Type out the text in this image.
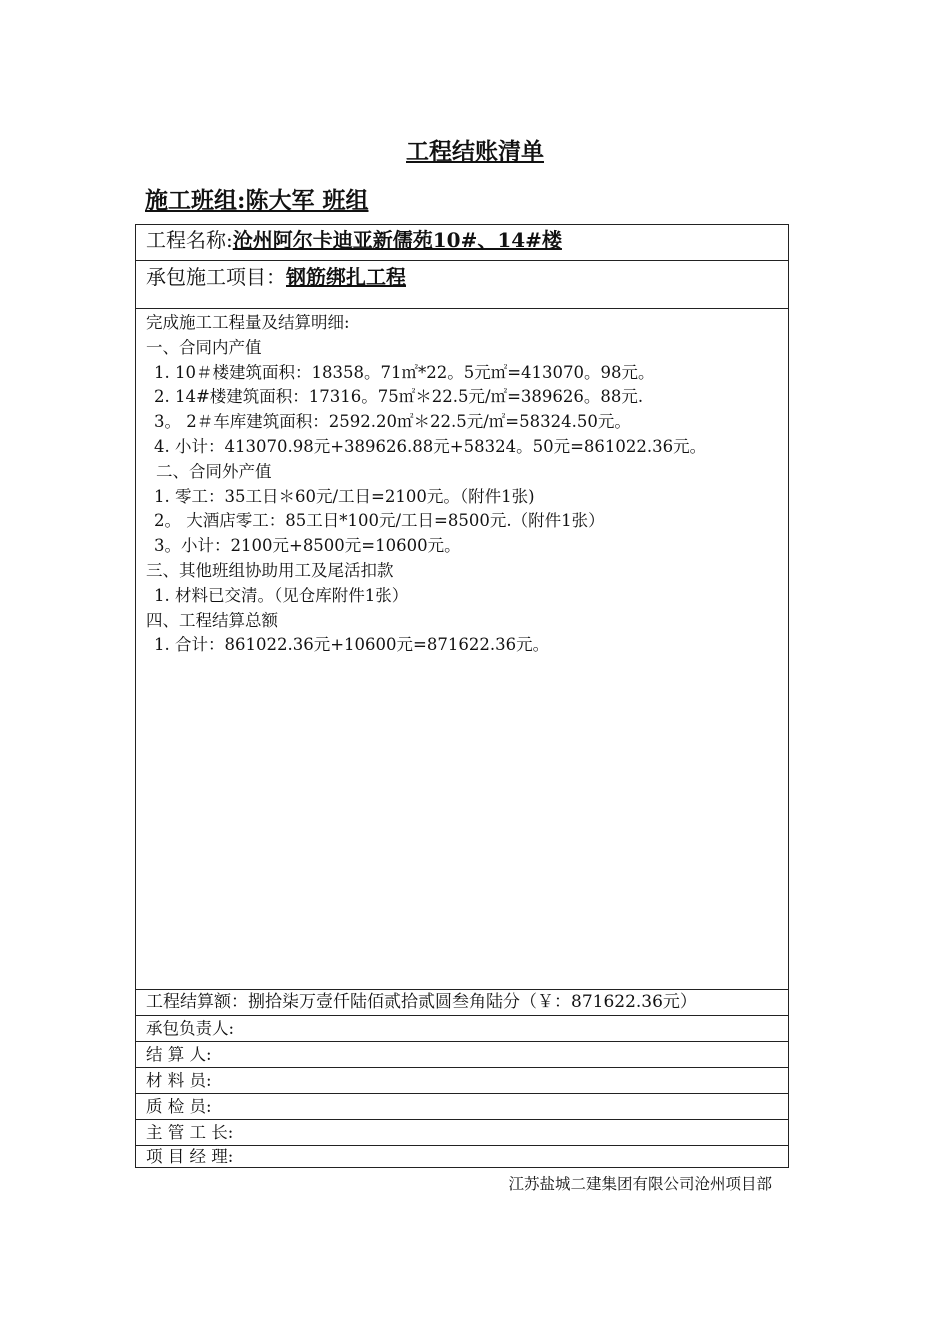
工程结账清单
施工班组:陈大军 班组
工程名称:沧州阿尔卡迪亚新儒苑10#、14#楼
承包施工项目：钢筋绑扎工程
完成施工工程量及结算明细:
一、合同内产值
1. 10＃楼建筑面积：18358。71㎡*22。5元㎡=413070。98元。
2. 14#楼建筑面积：17316。75㎡＊22.5元/㎡=389626。88元.
3。 2＃车库建筑面积：2592.20㎡＊22.5元/㎡=58324.50元。
4. 小计：413070.98元+389626.88元+58324。50元=861022.36元。
二、合同外产值
1. 零工：35工日＊60元/工日=2100元。（附件1张)
2。 大酒店零工：85工日*100元/工日=8500元.（附件1张）
3。小计：2100元+8500元=10600元。
三、其他班组协助用工及尾活扣款
1. 材料已交清。（见仓库附件1张）
四、工程结算总额
1. 合计：861022.36元+10600元=871622.36元。
工程结算额：捌拾柒万壹仟陆佰贰拾贰圆叁角陆分（￥：871622.36元）
承包负责人:
结 算 人:
材 料 员:
质 检 员:
主 管 工 长:
项 目 经 理:
江苏盐城二建集团有限公司沧州项目部
